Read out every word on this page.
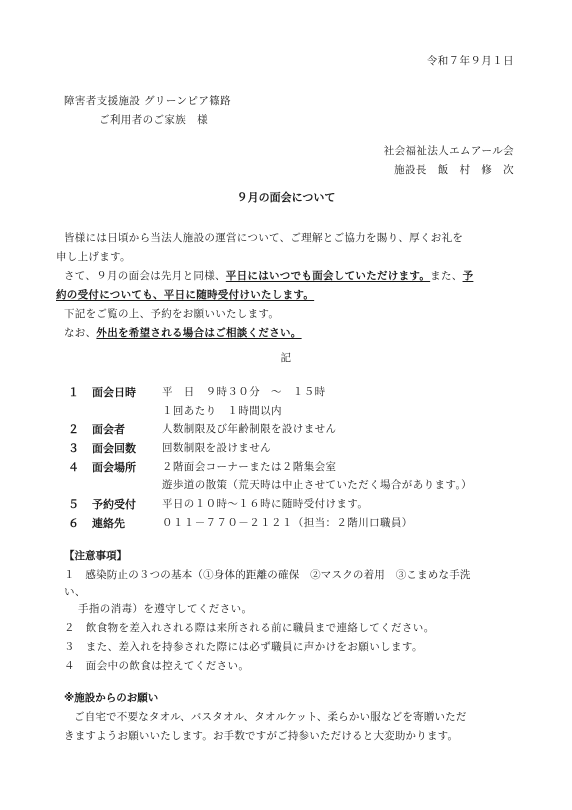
令和７年９月１日
障害者支援施設 グリーンピア篠路
ご利用者のご家族　様
社会福祉法人エムアール会
施設長　飯　村　修　次
９月の面会について
皆様には日頃から当法人施設の運営について、ご理解とご協力を賜り、厚くお礼を
申し上げます。
さて、９月の面会は先月と同様、平日にはいつでも面会していただけます。また、予
約の受付についても、平日に随時受付けいたします。
下記をご覧の上、予約をお願いいたします。
なお、外出を希望される場合はご相談ください。
記
１ 面会日時 平　日　９時３０分　～　１５時
１回あたり　１時間以内
２ 面会者	人数制限及び年齢制限を設けません
３ 面会回数 回数制限を設けません
４ 面会場所 ２階面会コーナーまたは２階集会室
遊歩道の散策（荒天時は中止させていただく場合があります。）
５ 予約受付 平日の１０時～１６時に随時受付けます。
６ 連絡先	０１１－７７０－２１２１（担当：２階川口職員）
【注意事項】
１　感染防止の３つの基本（①身体的距離の確保　②マスクの着用　③こまめな手洗
い、
手指の消毒）を遵守してください。
２　飲食物を差入れされる際は来所される前に職員まで連絡してください。
３　また、差入れを持参された際には必ず職員に声かけをお願いします。
４　面会中の飲食は控えてください。
※施設からのお願い
ご自宅で不要なタオル、バスタオル、タオルケット、柔らかい服などを寄贈いただ
きますようお願いいたします。お手数ですがご持参いただけると大変助かります。
